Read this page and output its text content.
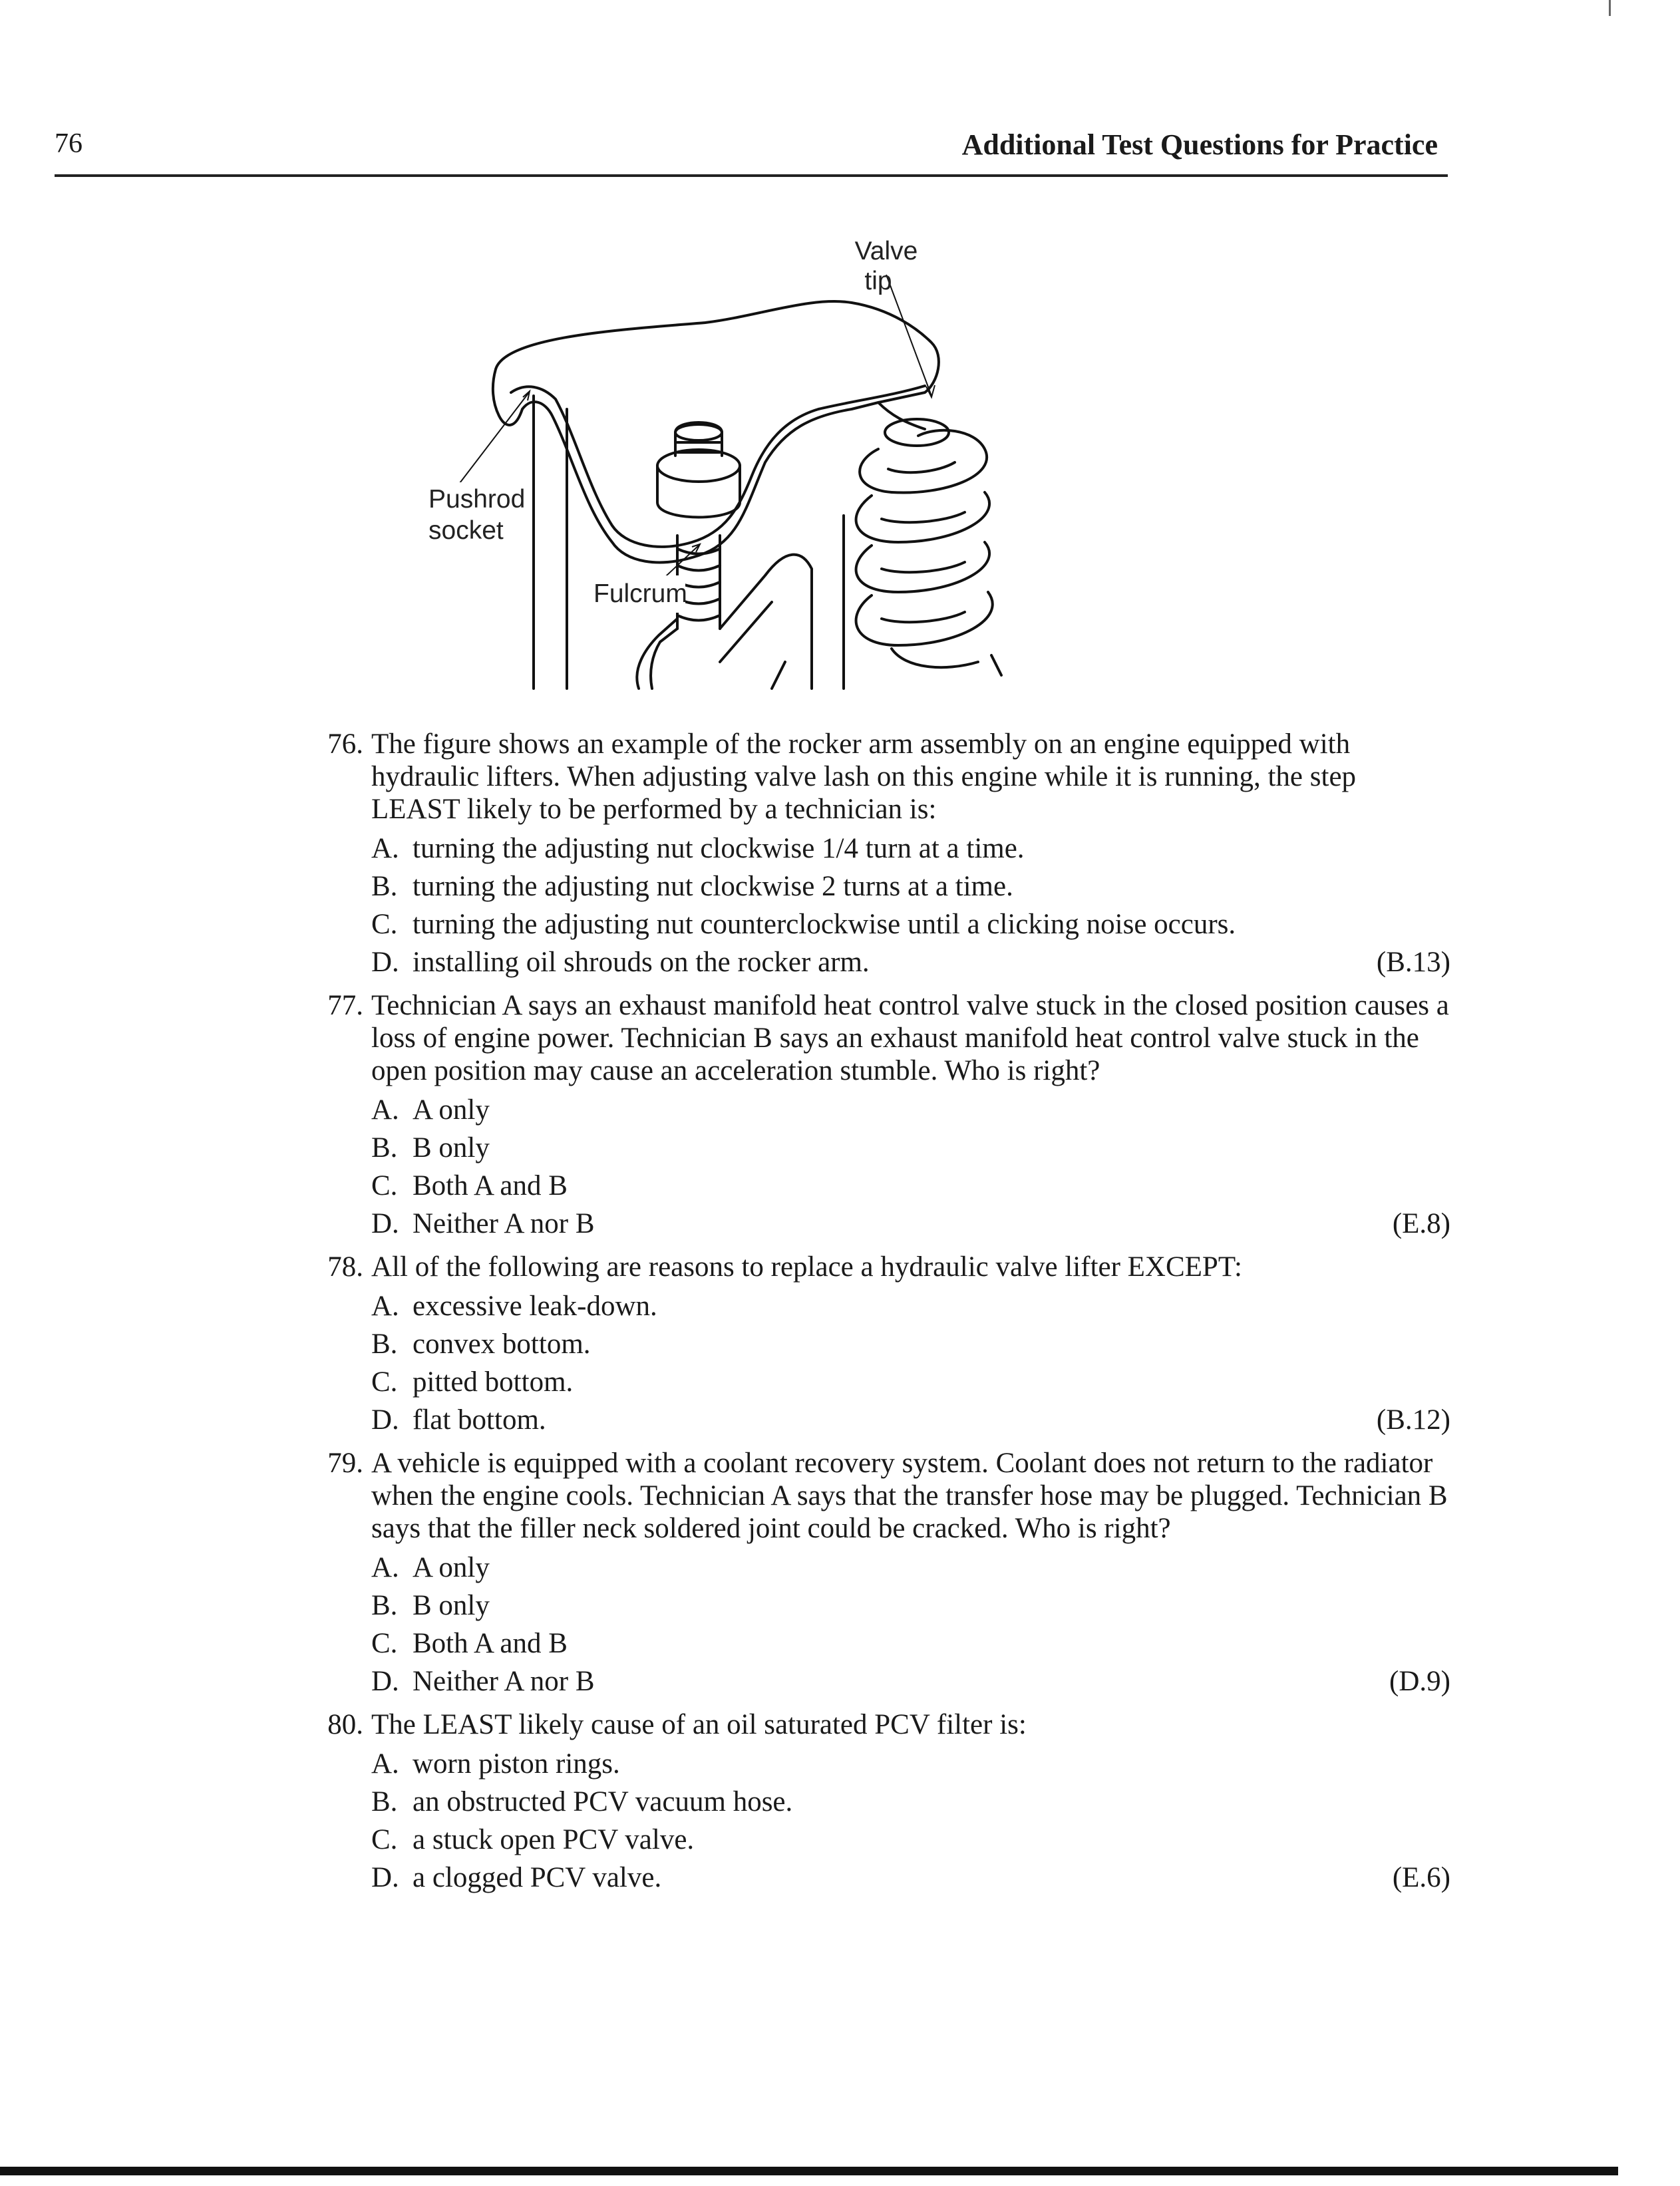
76	Additional Test Questions for Practice
Valve
tip
Pushrod
socket
Fulcrum
76. The figure shows an example of the rocker arm assembly on an engine equipped with hydraulic lifters. When adjusting valve lash on this engine while it is running, the step LEAST likely to be performed by a technician is:
A. turning the adjusting nut clockwise 1/4 turn at a time.
B. turning the adjusting nut clockwise 2 turns at a time.
C. turning the adjusting nut counterclockwise until a clicking noise occurs.
D. installing oil shrouds on the rocker arm.	(B.13)
77. Technician A says an exhaust manifold heat control valve stuck in the closed position causes a loss of engine power. Technician B says an exhaust manifold heat control valve stuck in the open position may cause an acceleration stumble. Who is right?
A. A only
B. B only
C. Both A and B
D. Neither A nor B	(E.8)
78. All of the following are reasons to replace a hydraulic valve lifter EXCEPT:
A. excessive leak-down.
B. convex bottom.
C. pitted bottom.
D. flat bottom.	(B.12)
79. A vehicle is equipped with a coolant recovery system. Coolant does not return to the radiator when the engine cools. Technician A says that the transfer hose may be plugged. Technician B says that the filler neck soldered joint could be cracked. Who is right?
A. A only
B. B only
C. Both A and B
D. Neither A nor B	(D.9)
80. The LEAST likely cause of an oil saturated PCV filter is:
A. worn piston rings.
B. an obstructed PCV vacuum hose.
C. a stuck open PCV valve.
D. a clogged PCV valve.	(E.6)
